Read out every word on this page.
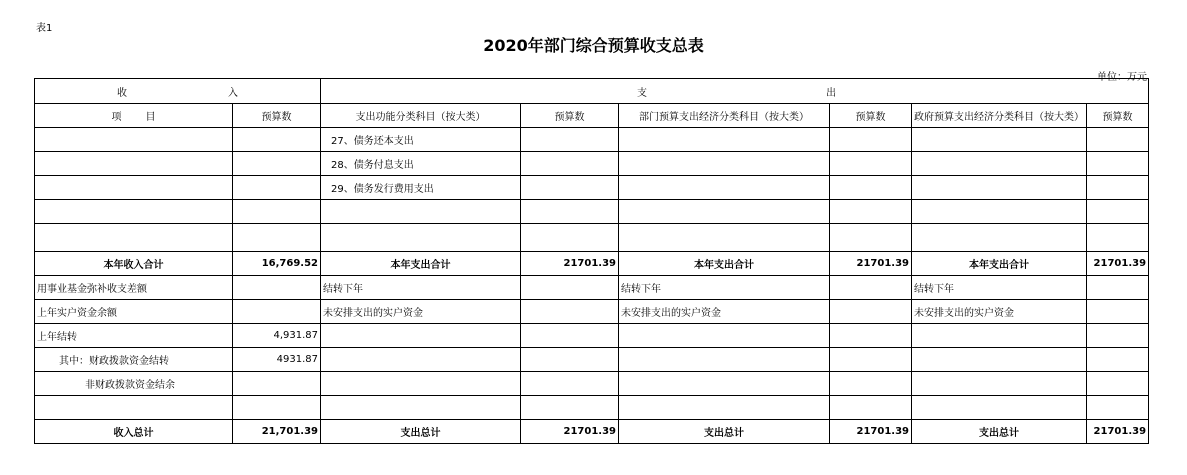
表1
2020年部门综合预算收支总表
单位：万元
收 入		支 出					

项 目	预算数	支出功能分类科目（按大类）	预算数	部门预算支出经济分类科目（按大类）	预算数	政府预算支出经济分类科目（按大类）	预算数
		27、债务还本支出					
		28、债务付息支出					
		29、债务发行费用支出					

本年收入合计	16,769.52	本年支出合计	21701.39	本年支出合计	21701.39	本年支出合计	21701.39
用事业基金弥补收支差额		结转下年		结转下年		结转下年	
上年实户资金余额		未安排支出的实户资金		未安排支出的实户资金		未安排支出的实户资金	
上年结转	4,931.87						
其中：财政拨款资金结转	4931.87						
非财政拨款资金结余							

收入总计	21,701.39	支出总计	21701.39	支出总计	21701.39	支出总计	21701.39
